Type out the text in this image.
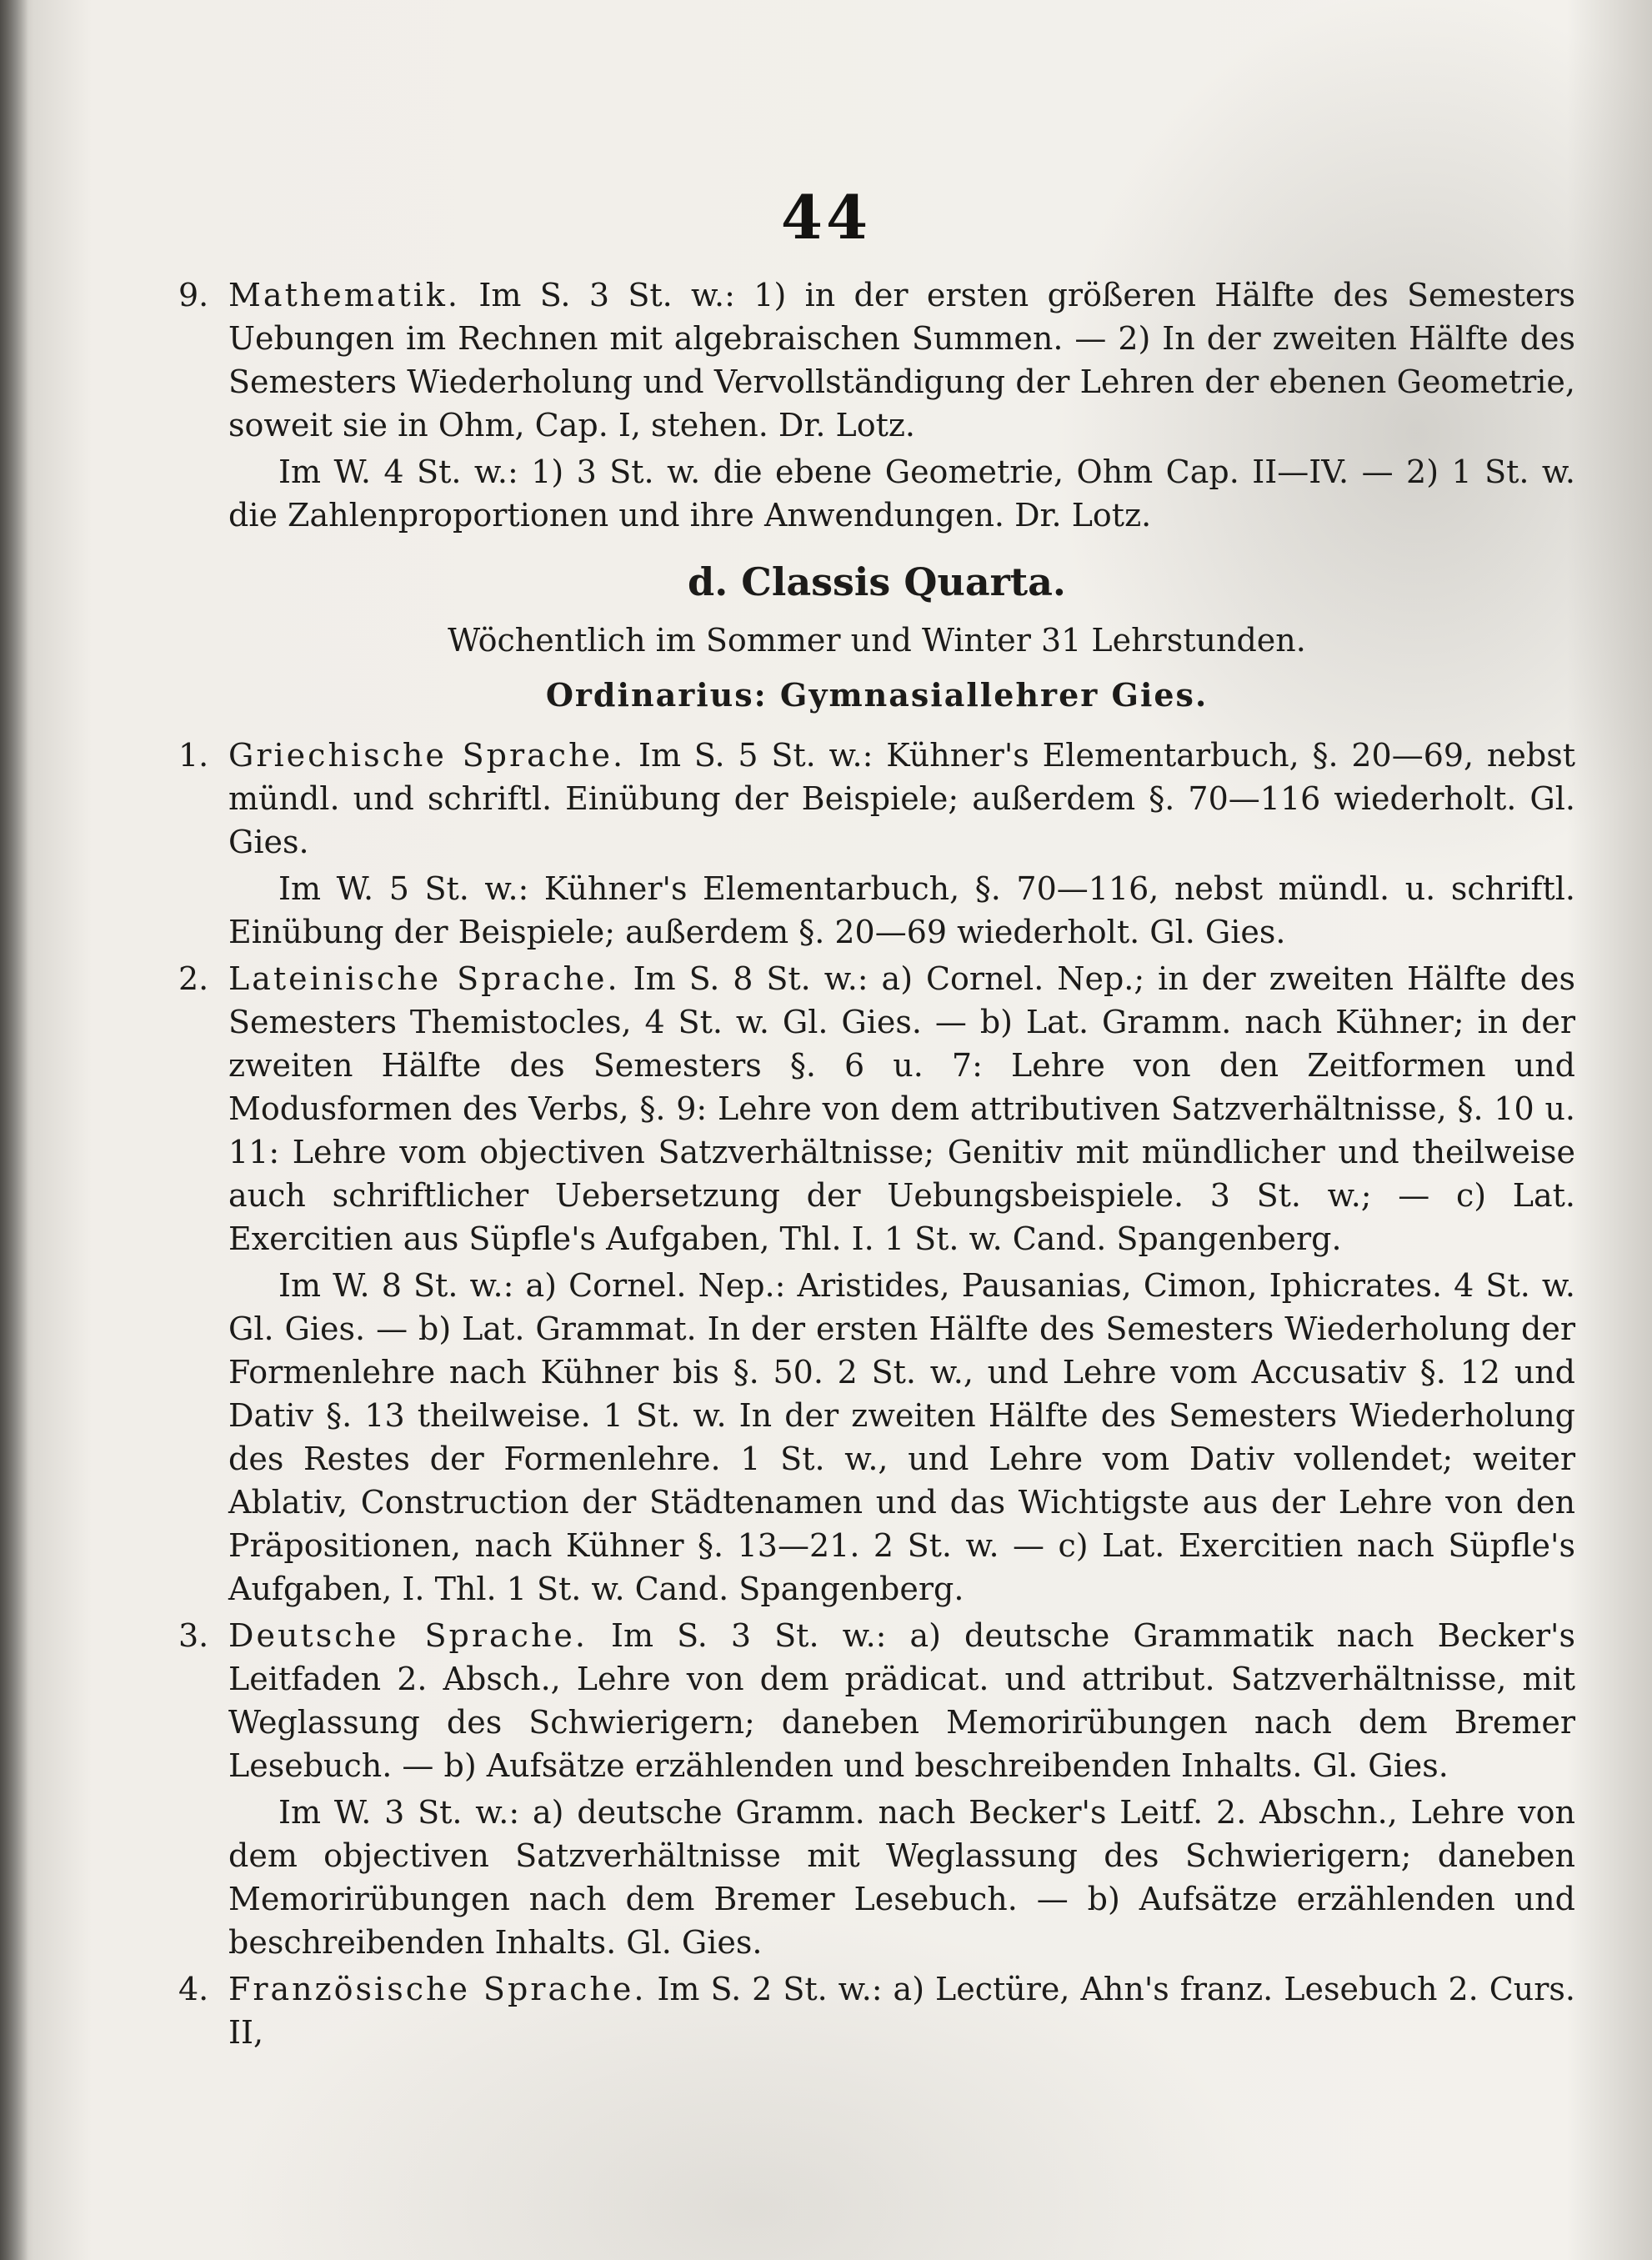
44
9. Mathematik. Im S. 3 St. w.: 1) in der ersten größeren Hälfte des Semesters Uebungen im Rechnen mit algebraischen Summen. — 2) In der zweiten Hälfte des Semesters Wiederholung und Vervollständigung der Lehren der ebenen Geometrie, soweit sie in Ohm, Cap. I, stehen. Dr. Lotz.

Im W. 4 St. w.: 1) 3 St. w. die ebene Geometrie, Ohm Cap. II—IV. — 2) 1 St. w. die Zahlenproportionen und ihre Anwendungen. Dr. Lotz.

d. Classis Quarta.
Wöchentlich im Sommer und Winter 31 Lehrstunden.
Ordinarius: Gymnasiallehrer Gies.
1. Griechische Sprache. Im S. 5 St. w.: Kühner's Elementarbuch, §. 20—69, nebst mündl. und schriftl. Einübung der Beispiele; außerdem §. 70—116 wiederholt. Gl. Gies.

Im W. 5 St. w.: Kühner's Elementarbuch, §. 70—116, nebst mündl. u. schriftl. Einübung der Beispiele; außerdem §. 20—69 wiederholt. Gl. Gies.

2. Lateinische Sprache. Im S. 8 St. w.: a) Cornel. Nep.; in der zweiten Hälfte des Semesters Themistocles, 4 St. w. Gl. Gies. — b) Lat. Gramm. nach Kühner; in der zweiten Hälfte des Semesters §. 6 u. 7: Lehre von den Zeitformen und Modusformen des Verbs, §. 9: Lehre von dem attributiven Satzverhältnisse, §. 10 u. 11: Lehre vom objectiven Satzverhältnisse; Genitiv mit mündlicher und theilweise auch schriftlicher Uebersetzung der Uebungsbeispiele. 3 St. w.; — c) Lat. Exercitien aus Süpfle's Aufgaben, Thl. I. 1 St. w. Cand. Spangenberg.

Im W. 8 St. w.: a) Cornel. Nep.: Aristides, Pausanias, Cimon, Iphicrates. 4 St. w. Gl. Gies. — b) Lat. Grammat. In der ersten Hälfte des Semesters Wiederholung der Formenlehre nach Kühner bis §. 50. 2 St. w., und Lehre vom Accusativ §. 12 und Dativ §. 13 theilweise. 1 St. w. In der zweiten Hälfte des Semesters Wiederholung des Restes der Formenlehre. 1 St. w., und Lehre vom Dativ vollendet; weiter Ablativ, Construction der Städtenamen und das Wichtigste aus der Lehre von den Präpositionen, nach Kühner §. 13—21. 2 St. w. — c) Lat. Exercitien nach Süpfle's Aufgaben, I. Thl. 1 St. w. Cand. Spangenberg.

3. Deutsche Sprache. Im S. 3 St. w.: a) deutsche Grammatik nach Becker's Leitfaden 2. Absch., Lehre von dem prädicat. und attribut. Satzverhältnisse, mit Weglassung des Schwierigern; daneben Memorirübungen nach dem Bremer Lesebuch. — b) Aufsätze erzählenden und beschreibenden Inhalts. Gl. Gies.

Im W. 3 St. w.: a) deutsche Gramm. nach Becker's Leitf. 2. Abschn., Lehre von dem objectiven Satzverhältnisse mit Weglassung des Schwierigern; daneben Memorirübungen nach dem Bremer Lesebuch. — b) Aufsätze erzählenden und beschreibenden Inhalts. Gl. Gies.

4. Französische Sprache. Im S. 2 St. w.: a) Lectüre, Ahn's franz. Lesebuch 2. Curs. II,
